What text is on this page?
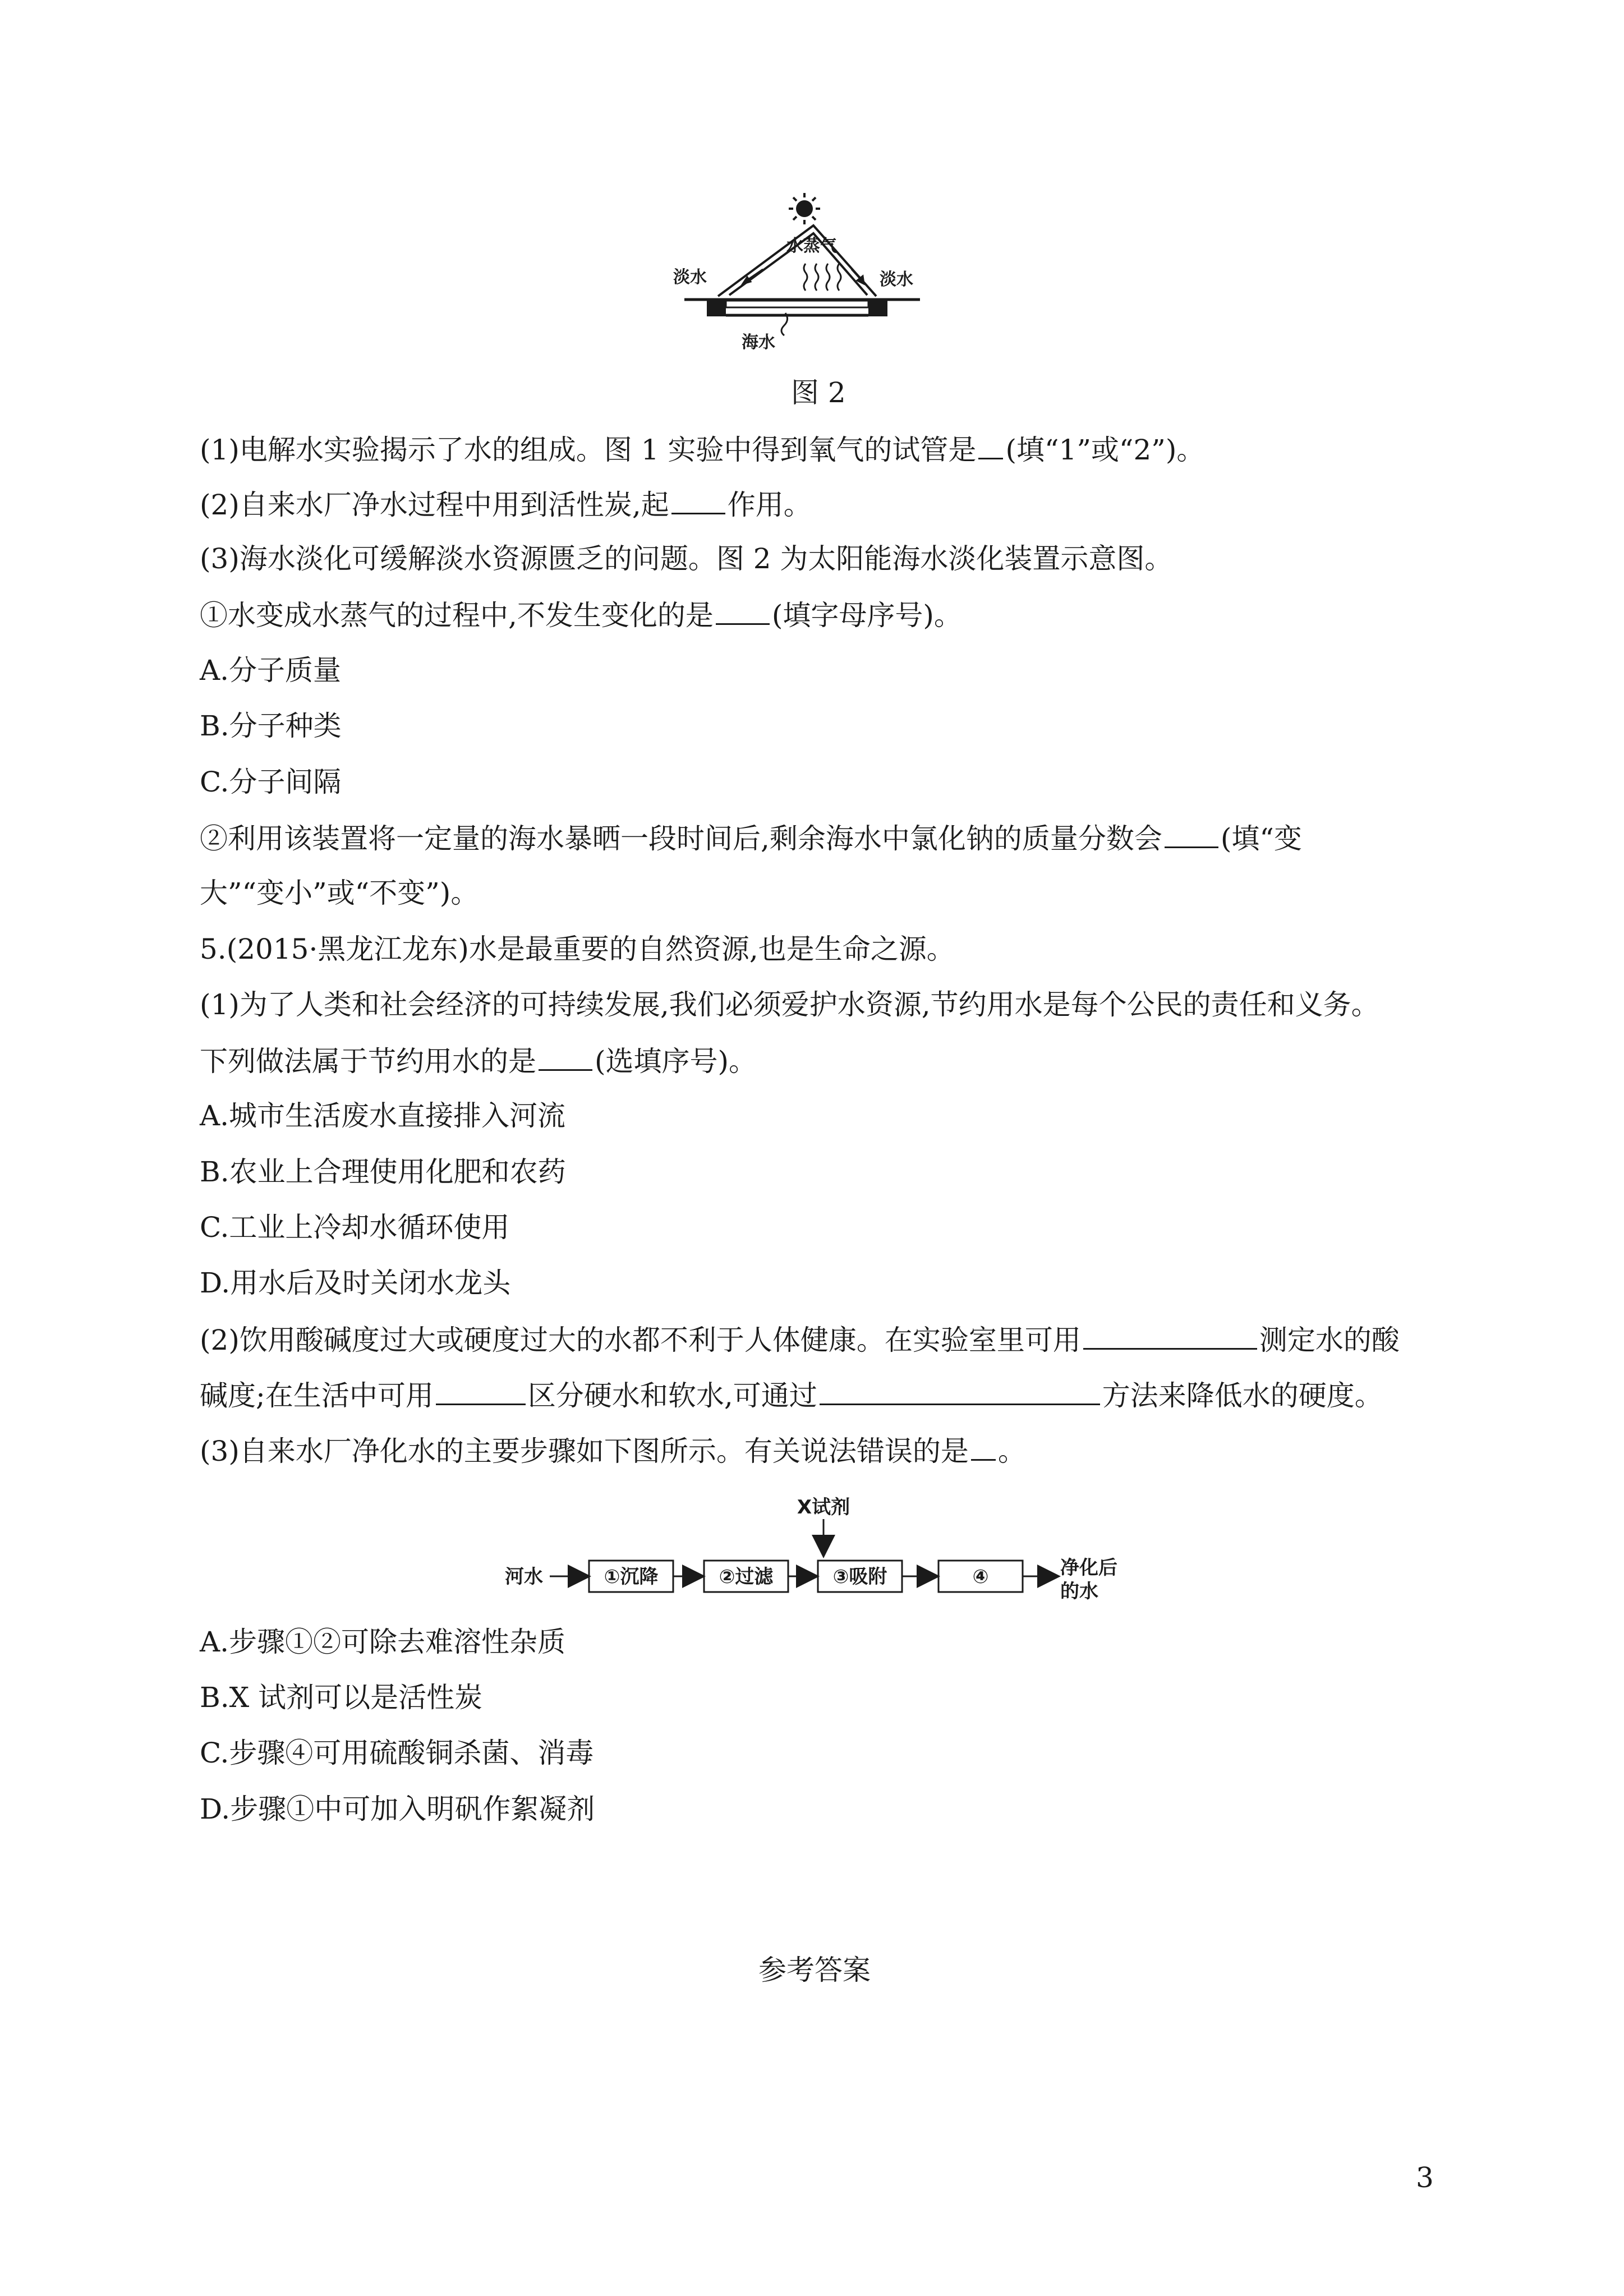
水蒸气
淡水	淡水
海水
图 2
(1)电解水实验揭示了水的组成。图 1 实验中得到氧气的试管是 (填“1”或“2”)。
(2)自来水厂净水过程中用到活性炭,起 作用。
(3)海水淡化可缓解淡水资源匮乏的问题。图 2 为太阳能海水淡化装置示意图。
①水变成水蒸气的过程中,不发生变化的是 (填字母序号)。
A.分子质量
B.分子种类
C.分子间隔
②利用该装置将一定量的海水暴晒一段时间后,剩余海水中氯化钠的质量分数会 (填“变
大”“变小”或“不变”)。
5.(2015·黑龙江龙东)水是最重要的自然资源,也是生命之源。
(1)为了人类和社会经济的可持续发展,我们必须爱护水资源,节约用水是每个公民的责任和义务。
下列做法属于节约用水的是 (选填序号)。
A.城市生活废水直接排入河流
B.农业上合理使用化肥和农药
C.工业上冷却水循环使用
D.用水后及时关闭水龙头
(2)饮用酸碱度过大或硬度过大的水都不利于人体健康。在实验室里可用	测定水的酸
碱度;在生活中可用	区分硬水和软水,可通过	方法来降低水的硬度。
(3)自来水厂净化水的主要步骤如下图所示。有关说法错误的是 。
X试剂
河水	①沉降	②过滤	③吸附	④	净化后
的水
A.步骤①②可除去难溶性杂质
B.X 试剂可以是活性炭
C.步骤④可用硫酸铜杀菌、消毒
D.步骤①中可加入明矾作絮凝剂
参考答案
3
